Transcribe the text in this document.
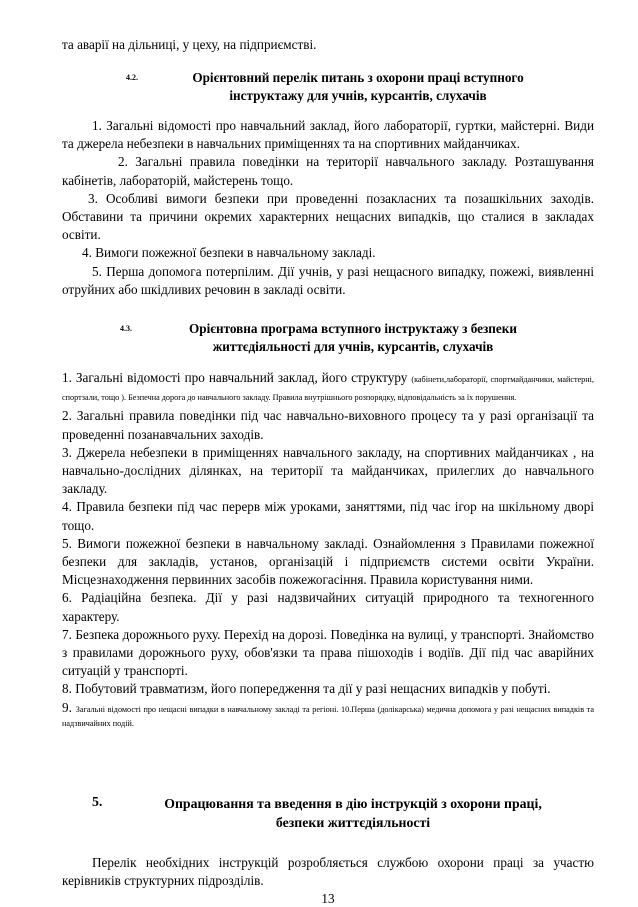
та аварії на дільниці, у цеху, на підприємстві.

4.2.	Орієнтовний перелік питань з охорони праці вступного

інструктажу для учнів, курсантів, слухачів

1. Загальні відомості про навчальний заклад, його лабораторії, гуртки, майстерні. Види та джерела небезпеки в навчальних приміщеннях та на спортивних майданчиках.

2. Загальні правила поведінки на території навчального закладу. Розташування кабінетів, лабораторій, майстерень тощо.

3. Особливі вимоги безпеки при проведенні позакласних та позашкільних заходів. Обставини та причини окремих характерних нещасних випадків, що сталися в закладах освіти.

4. Вимоги пожежної безпеки в навчальному закладі.

5. Перша допомога потерпілим. Дії учнів, у разі нещасного випадку, пожежі, виявленні отруйних або шкідливих речовин в закладі освіти.

4.3.	Орієнтовна програма вступного інструктажу з безпеки

життєдіяльності для учнів, курсантів, слухачів

1. Загальні відомості про навчальний заклад, його структуру (кабінети,лабораторії, спортмайданчики, майстерні, спортзали, тощо ). Безпечна дорога до навчального закладу. Правила внутрішнього розпорядку, відповідальність за їх порушення.

2. Загальні правила поведінки під час навчально-виховного процесу та у разі організації та проведенні позанавчальних заходів.

3. Джерела небезпеки в приміщеннях навчального закладу, на спортивних майданчиках , на навчально-дослідних ділянках, на території та майданчиках, прилеглих до навчального закладу.

4. Правила безпеки під час перерв між уроками, заняттями, під час ігор на шкільному дворі тощо.

5. Вимоги пожежної безпеки в навчальному закладі. Ознайомлення з Правилами пожежної безпеки для закладів, установ, організацій і підприємств системи освіти України. Місцезнаходження первинних засобів пожежогасіння. Правила користування ними.

6. Радіаційна безпека. Дії у разі надзвичайних ситуацій природного та техногенного характеру.

7. Безпека дорожнього руху. Перехід на дорозі. Поведінка на вулиці, у транспорті. Знайомство з правилами дорожнього руху, обов'язки та права пішоходів і водіїв. Дії під час аварійних ситуацій у транспорті.

8. Побутовий травматизм, його попередження та дії у разі нещасних випадків у побуті.

9. Загальні відомості про нещасні випадки в навчальному закладі та регіоні. 10.Перша (долікарська) медична допомога у разі нещасних випадків та надзвичайних подій.

5.	Опрацювання та введення в дію інструкцій з охорони праці,

безпеки життєдіяльності

Перелік необхідних інструкцій розробляється службою охорони праці за участю керівників структурних підрозділів.

13
